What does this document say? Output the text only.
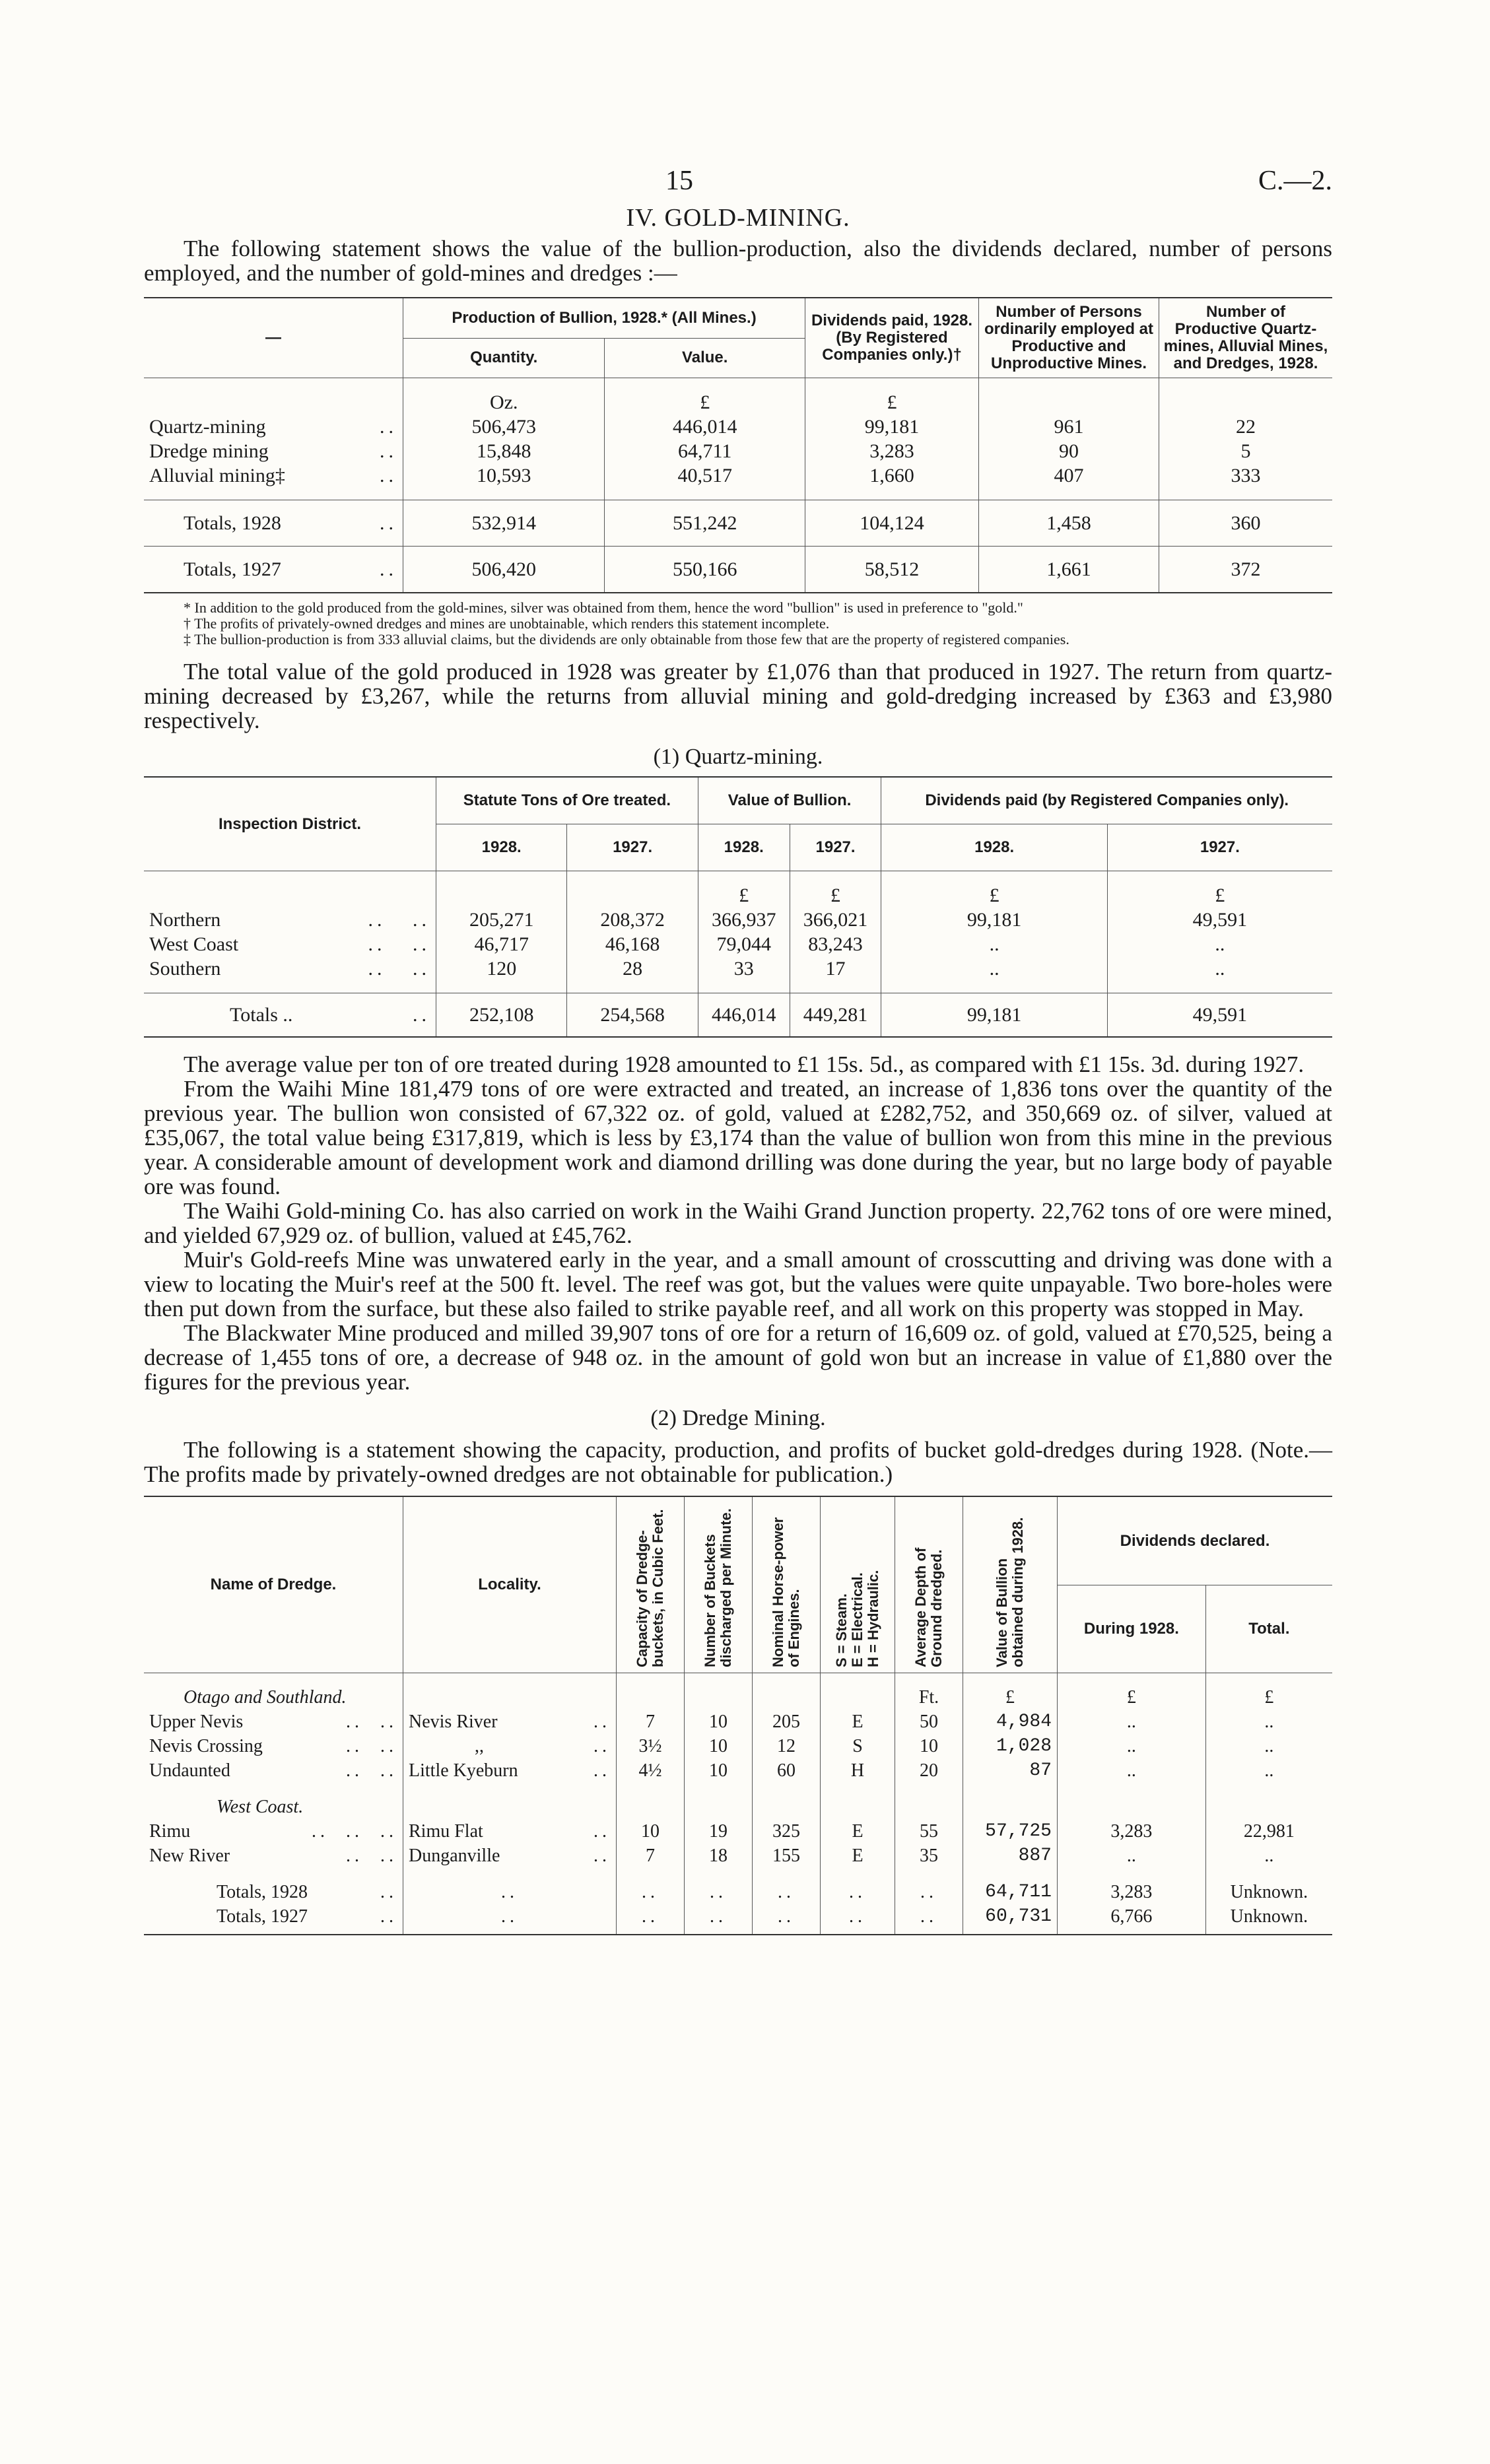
15	C.—2.
IV. GOLD-MINING.

The following statement shows the value of the bullion-production, also the dividends declared, number of persons employed, and the number of gold-mines and dredges :—

—	Production of Bullion, 1928.* (All Mines.)		Dividends paid, 1928. (By Registered Companies only.)†	Number of Persons ordinarily employed at Productive and Unproductive Mines.	Number of Productive Quartz-mines, Alluvial Mines, and Dredges, 1928.
	Quantity.	Value.			

	Oz.	£	£		
Quartz-mining ..	506,473	446,014	99,181	961	22
Dredge mining ..	15,848	64,711	3,283	90	5
Alluvial mining‡ ..	10,593	40,517	1,660	407	333

Totals, 1928 ..	532,914	551,242	104,124	1,458	360
Totals, 1927 ..	506,420	550,166	58,512	1,661	372

* In addition to the gold produced from the gold-mines, silver was obtained from them, hence the word "bullion" is used in preference to "gold."

† The profits of privately-owned dredges and mines are unobtainable, which renders this statement incomplete.

‡ The bullion-production is from 333 alluvial claims, but the dividends are only obtainable from those few that are the property of registered companies.

The total value of the gold produced in 1928 was greater by £1,076 than that produced in 1927. The return from quartz-mining decreased by £3,267, while the returns from alluvial mining and gold-dredging increased by £363 and £3,980 respectively.

(1) Quartz-mining.
Inspection District.	Statute Tons of Ore treated.		Value of Bullion.		Dividends paid (by Registered Companies only).	
	1928.	1927.	1928.	1927.	1928.	1927.

			£	£	£	£
Northern ..   ..	205,271	208,372	366,937	366,021	99,181	49,591
West Coast ..   ..	46,717	46,168	79,044	83,243	..	..
Southern ..   ..	120	28	33	17	..	..

Totals .. ..	252,108	254,568	446,014	449,281	99,181	49,591

The average value per ton of ore treated during 1928 amounted to £1 15s. 5d., as compared with £1 15s. 3d. during 1927.

From the Waihi Mine 181,479 tons of ore were extracted and treated, an increase of 1,836 tons over the quantity of the previous year. The bullion won consisted of 67,322 oz. of gold, valued at £282,752, and 350,669 oz. of silver, valued at £35,067, the total value being £317,819, which is less by £3,174 than the value of bullion won from this mine in the previous year. A considerable amount of development work and diamond drilling was done during the year, but no large body of payable ore was found.

The Waihi Gold-mining Co. has also carried on work in the Waihi Grand Junction property. 22,762 tons of ore were mined, and yielded 67,929 oz. of bullion, valued at £45,762.

Muir's Gold-reefs Mine was unwatered early in the year, and a small amount of crosscutting and driving was done with a view to locating the Muir's reef at the 500 ft. level. The reef was got, but the values were quite unpayable. Two bore-holes were then put down from the surface, but these also failed to strike payable reef, and all work on this property was stopped in May.

The Blackwater Mine produced and milled 39,907 tons of ore for a return of 16,609 oz. of gold, valued at £70,525, being a decrease of 1,455 tons of ore, a decrease of 948 oz. in the amount of gold won but an increase in value of £1,880 over the figures for the previous year.

(2) Dredge Mining.

The following is a statement showing the capacity, production, and profits of bucket gold-dredges during 1928. (Note.—The profits made by privately-owned dredges are not obtainable for publication.)

Name of Dredge.	Locality.	Capacity of Dredge-buckets, in Cubic Feet.	Number of Buckets discharged per Minute.	Nominal Horse-power of Engines.	S = Steam.
E = Electrical.
H = Hydraulic.	Average Depth of Ground dredged.	Value of Bullion obtained during 1928.	Dividends declared.	
								During 1928.	Total.

Otago and Southland.						Ft.	£	£	£
Upper Nevis ..  ..	Nevis River ..	7	10	205	E	50	4,984	..	..
Nevis Crossing ..  ..	,, ..	3½	10	12	S	10	1,028	..	..
Undaunted ..  ..	Little Kyeburn ..	4½	10	60	H	20	87	..	..
West Coast.									
Rimu ..  ..  ..	Rimu Flat ..	10	19	325	E	55	57,725	3,283	22,981
New River ..  ..	Dunganville ..	7	18	155	E	35	887	..	..

Totals, 1928 ..	..	..	..	..	..	..	64,711	3,283	Unknown.
Totals, 1927 ..	..	..	..	..	..	..	60,731	6,766	Unknown.
